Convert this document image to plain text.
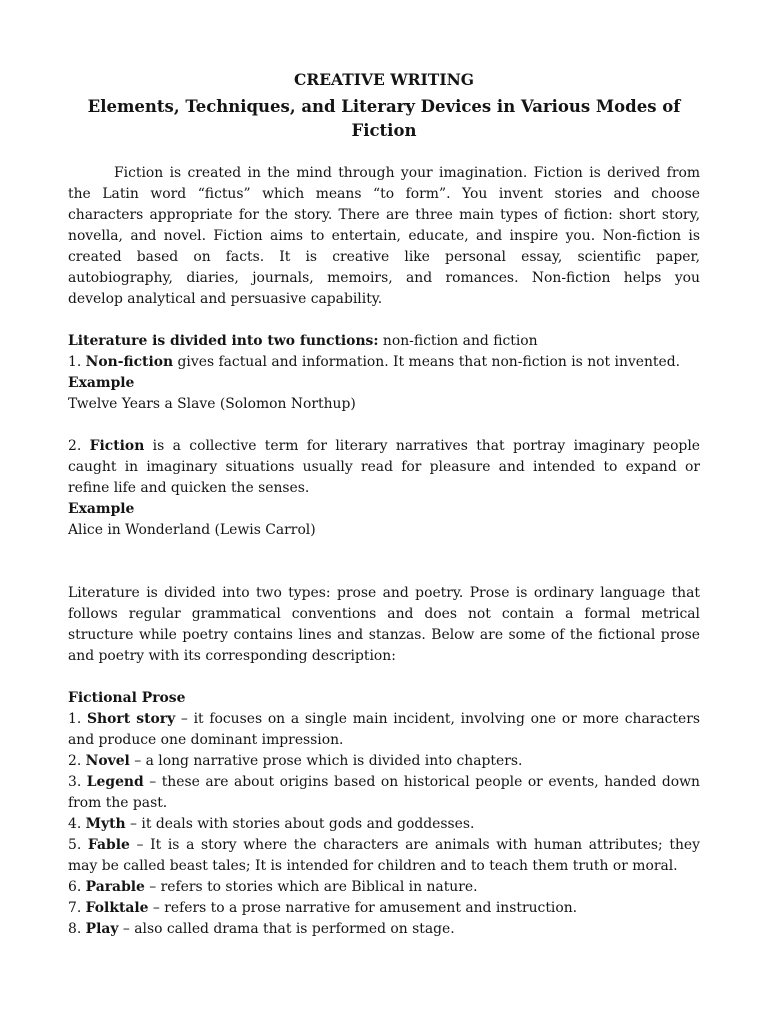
CREATIVE WRITING
Elements, Techniques, and Literary Devices in Various Modes of
Fiction
Fiction is created in the mind through your imagination. Fiction is derived from
the Latin word “fictus” which means “to form”. You invent stories and choose
characters appropriate for the story. There are three main types of fiction: short story,
novella, and novel. Fiction aims to entertain, educate, and inspire you. Non-fiction is
created based on facts. It is creative like personal essay, scientific paper,
autobiography, diaries, journals, memoirs, and romances. Non-fiction helps you
develop analytical and persuasive capability.
Literature is divided into two functions: non-fiction and fiction
1. Non-fiction gives factual and information. It means that non-fiction is not invented.
Example
Twelve Years a Slave (Solomon Northup)
2. Fiction is a collective term for literary narratives that portray imaginary people
caught in imaginary situations usually read for pleasure and intended to expand or
refine life and quicken the senses.
Example
Alice in Wonderland (Lewis Carrol)
Literature is divided into two types: prose and poetry. Prose is ordinary language that
follows regular grammatical conventions and does not contain a formal metrical
structure while poetry contains lines and stanzas. Below are some of the fictional prose
and poetry with its corresponding description:
Fictional Prose
1. Short story – it focuses on a single main incident, involving one or more characters
and produce one dominant impression.
2. Novel – a long narrative prose which is divided into chapters.
3. Legend – these are about origins based on historical people or events, handed down
from the past.
4. Myth – it deals with stories about gods and goddesses.
5. Fable – It is a story where the characters are animals with human attributes; they
may be called beast tales; It is intended for children and to teach them truth or moral.
6. Parable – refers to stories which are Biblical in nature.
7. Folktale – refers to a prose narrative for amusement and instruction.
8. Play – also called drama that is performed on stage.
